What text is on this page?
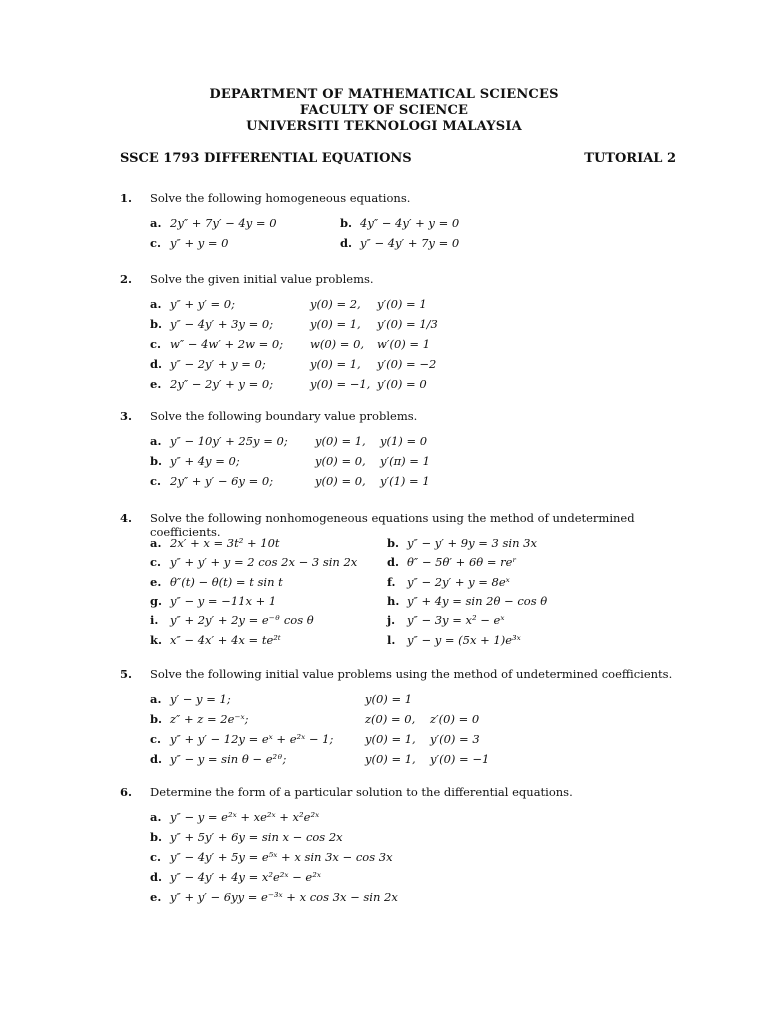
DEPARTMENT OF MATHEMATICAL SCIENCES
FACULTY OF SCIENCE
UNIVERSITI TEKNOLOGI MALAYSIA
SSCE 1793 DIFFERENTIAL EQUATIONS	TUTORIAL 2
1. Solve the following homogeneous equations.
a. 2y″ + 7y′ − 4y = 0	b. 4y″ − 4y′ + y = 0
c. y″ + y = 0	d. y″ − 4y′ + 7y = 0
2. Solve the given initial value problems.
a. y″ + y′ = 0;	y(0) = 2, y′(0) = 1
b. y″ − 4y′ + 3y = 0;	y(0) = 1, y′(0) = 1/3
c. w″ − 4w′ + 2w = 0; w(0) = 0, w′(0) = 1
d. y″ − 2y′ + y = 0;	y(0) = 1, y′(0) = −2
e. 2y″ − 2y′ + y = 0;	y(0) = −1, y′(0) = 0
3. Solve the following boundary value problems.
a. y″ − 10y′ + 25y = 0; y(0) = 1, y(1) = 0
b. y″ + 4y = 0;	y(0) = 0, y′(π) = 1
c. 2y″ + y′ − 6y = 0;	y(0) = 0, y′(1) = 1
4. Solve the following nonhomogeneous equations using the method of undetermined coefficients.
a. 2x′ + x = 3t² + 10t	b. y″ − y′ + 9y = 3 sin 3x
c. y″ + y′ + y = 2 cos 2x − 3 sin 2x	d. θ″ − 5θ′ + 6θ = reʳ
e. θ″(t) − θ(t) = t sin t	f. y″ − 2y′ + y = 8eˣ
g. y″ − y = −11x + 1	h. y″ + 4y = sin 2θ − cos θ
i. y″ + 2y′ + 2y = e⁻ᶿ cos θ	j. y″ − 3y = x² − eˣ
k. x″ − 4x′ + 4x = te²ᵗ	l. y″ − y = (5x + 1)e³ˣ
5. Solve the following initial value problems using the method of undetermined coefficients.
a. y′ − y = 1;	y(0) = 1
b. z″ + z = 2e⁻ˣ;	z(0) = 0, z′(0) = 0
c. y″ + y′ − 12y = eˣ + e²ˣ − 1;	y(0) = 1, y′(0) = 3
d. y″ − y = sin θ − e²ᶿ;	y(0) = 1, y′(0) = −1
6. Determine the form of a particular solution to the differential equations.
a. y″ − y = e²ˣ + xe²ˣ + x²e²ˣ
b. y″ + 5y′ + 6y = sin x − cos 2x
c. y″ − 4y′ + 5y = e⁵ˣ + x sin 3x − cos 3x
d. y″ − 4y′ + 4y = x²e²ˣ − e²ˣ
e. y″ + y′ − 6yy = e⁻³ˣ + x cos 3x − sin 2x
